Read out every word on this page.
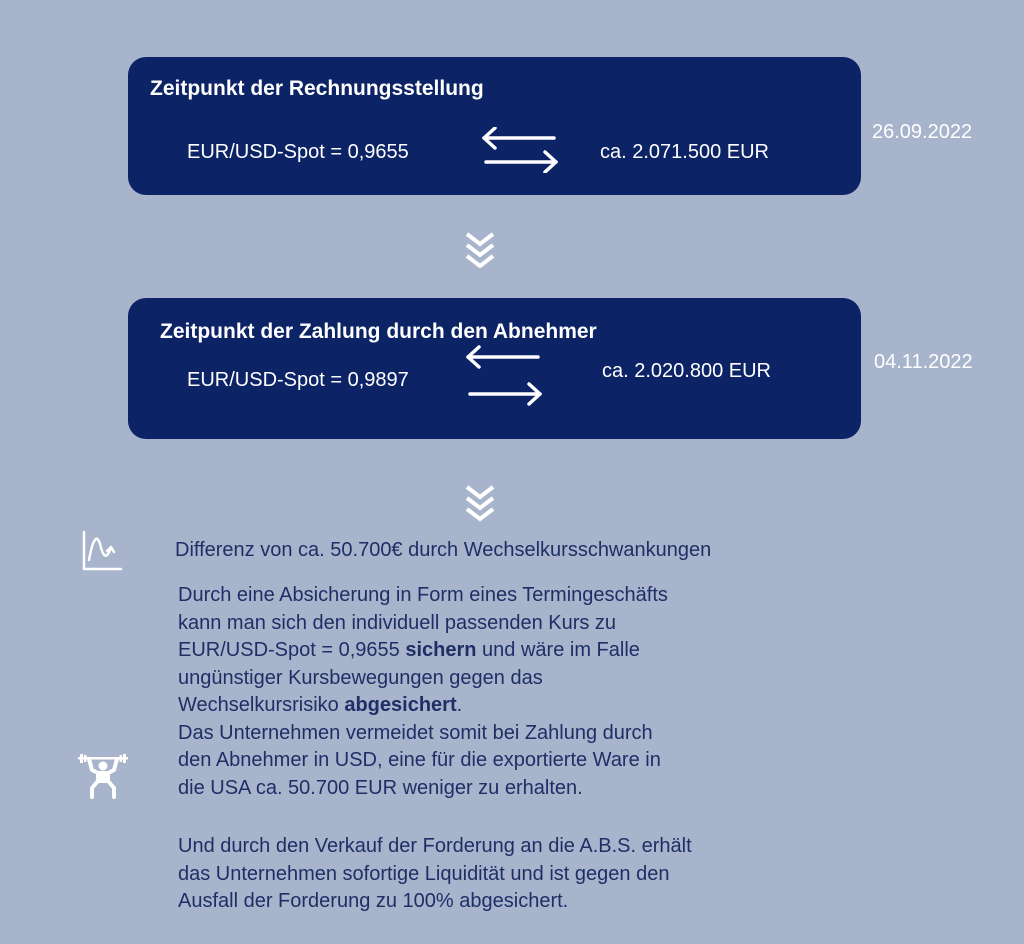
Zeitpunkt der Rechnungsstellung
EUR/USD-Spot = 0,9655	ca. 2.071.500 EUR
26.09.2022
Zeitpunkt der Zahlung durch den Abnehmer
EUR/USD-Spot = 0,9897	ca. 2.020.800 EUR	04.11.2022
Differenz von ca. 50.700€ durch Wechselkursschwankungen
Durch eine Absicherung in Form eines Termingeschäfts
kann man sich den individuell passenden Kurs zu
EUR/USD-Spot = 0,9655 sichern und wäre im Falle
ungünstiger Kursbewegungen gegen das
Wechselkursrisiko abgesichert.
Das Unternehmen vermeidet somit bei Zahlung durch
den Abnehmer in USD, eine für die exportierte Ware in
die USA ca. 50.700 EUR weniger zu erhalten.
Und durch den Verkauf der Forderung an die A.B.S. erhält
das Unternehmen sofortige Liquidität und ist gegen den
Ausfall der Forderung zu 100% abgesichert.
